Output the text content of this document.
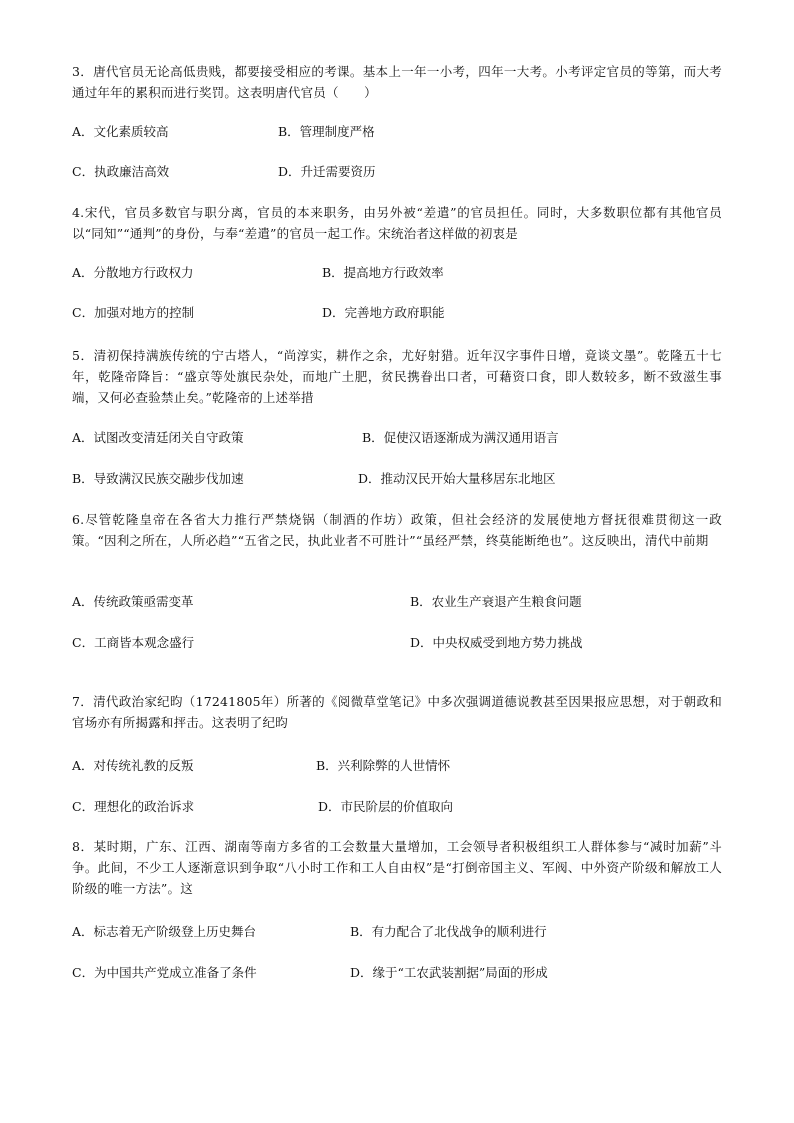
3．唐代官员无论高低贵贱，都要接受相应的考课。基本上一年一小考，四年一大考。小考评定官员的等第，而大考通过年年的累积而进行奖罚。这表明唐代官员（　　）
A．文化素质较高	B．管理制度严格
C．执政廉洁高效	D．升迁需要资历
4.宋代，官员多数官与职分离，官员的本来职务，由另外被“差遣”的官员担任。同时，大多数职位都有其他官员以“同知”“通判”的身份，与奉“差遣”的官员一起工作。宋统治者这样做的初衷是
A．分散地方行政权力	B．提高地方行政效率
C．加强对地方的控制	D．完善地方政府职能
5．清初保持满族传统的宁古塔人，“尚淳实，耕作之余，尤好射猎。近年汉字事件日增，竟谈文墨”。乾隆五十七年，乾隆帝降旨：“盛京等处旗民杂处，而地广土肥，贫民携眷出口者，可藉资口食，即人数较多，断不致滋生事端，又何必查验禁止矣。”乾隆帝的上述举措
A．试图改变清廷闭关自守政策	B．促使汉语逐渐成为满汉通用语言
B．导致满汉民族交融步伐加速	D．推动汉民开始大量移居东北地区
6.尽管乾隆皇帝在各省大力推行严禁烧锅（制酒的作坊）政策，但社会经济的发展使地方督抚很难贯彻这一政策。“因利之所在，人所必趋”“五省之民，执此业者不可胜计”“虽经严禁，终莫能断绝也”。这反映出，清代中前期
A．传统政策亟需变革	B．农业生产衰退产生粮食问题
C．工商皆本观念盛行	D．中央权威受到地方势力挑战
7．清代政治家纪昀（17241805年）所著的《阅微草堂笔记》中多次强调道德说教甚至因果报应思想，对于朝政和官场亦有所揭露和抨击。这表明了纪昀
A．对传统礼教的反叛	B．兴利除弊的人世情怀
C．理想化的政治诉求	D．市民阶层的价值取向
8．某时期，广东、江西、湖南等南方多省的工会数量大量增加，工会领导者积极组织工人群体参与“减时加薪”斗争。此间，不少工人逐渐意识到争取“八小时工作和工人自由权”是“打倒帝国主义、军阀、中外资产阶级和解放工人阶级的唯一方法”。这
A．标志着无产阶级登上历史舞台	B．有力配合了北伐战争的顺利进行
C．为中国共产党成立准备了条件	D．缘于“工农武装割据”局面的形成
